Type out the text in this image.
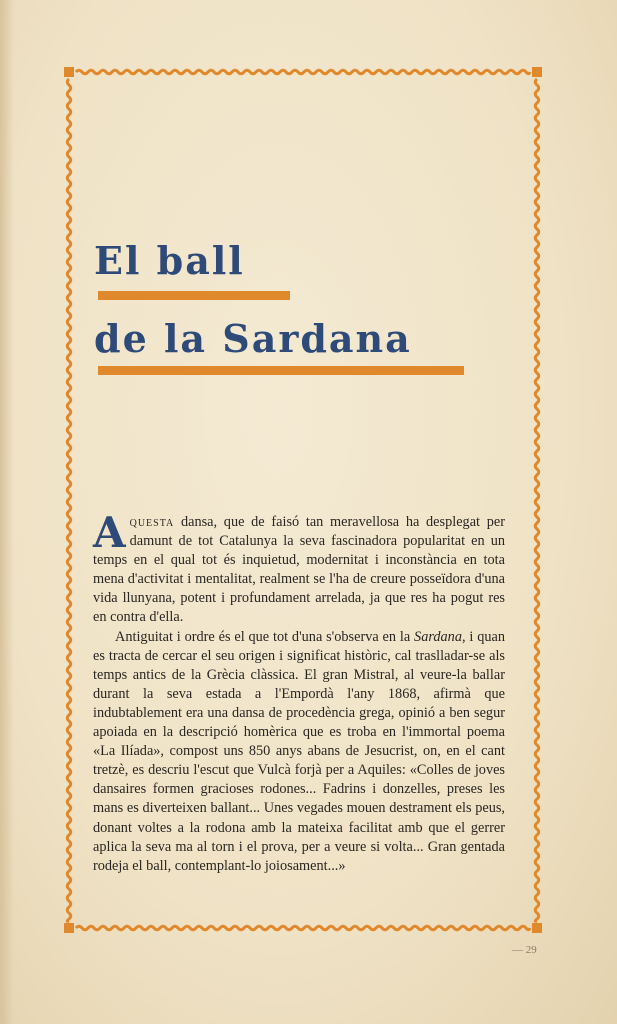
El ball
de la Sardana

Aquesta dansa, que de faisó tan meravellosa ha desplegat per damunt de tot Catalunya la seva fascinadora popularitat en un temps en el qual tot és inquietud, modernitat i inconstància en tota mena d'activitat i mentalitat, realment se l'ha de creure posseïdora d'una vida llunyana, potent i profundament arrelada, ja que res ha pogut res en contra d'ella.

Antiguitat i ordre és el que tot d'una s'observa en la Sardana, i quan es tracta de cercar el seu origen i significat històric, cal traslladar-se als temps antics de la Grècia clàssica. El gran Mistral, al veure-la ballar durant la seva estada a l'Empordà l'any 1868, afirmà que indubtablement era una dansa de procedència grega, opinió a ben segur apoiada en la descripció homèrica que es troba en l'immortal poema «La Ilíada», compost uns 850 anys abans de Jesucrist, on, en el cant tretzè, es descriu l'escut que Vulcà forjà per a Aquiles: «Colles de joves dansaires formen gracioses rodones... Fadrins i donzelles, preses les mans es diverteixen ballant... Unes vegades mouen destrament els peus, donant voltes a la rodona amb la mateixa facilitat amb que el gerrer aplica la seva ma al torn i el prova, per a veure si volta... Gran gentada rodeja el ball, contemplant-lo joiosament...»

— 29
